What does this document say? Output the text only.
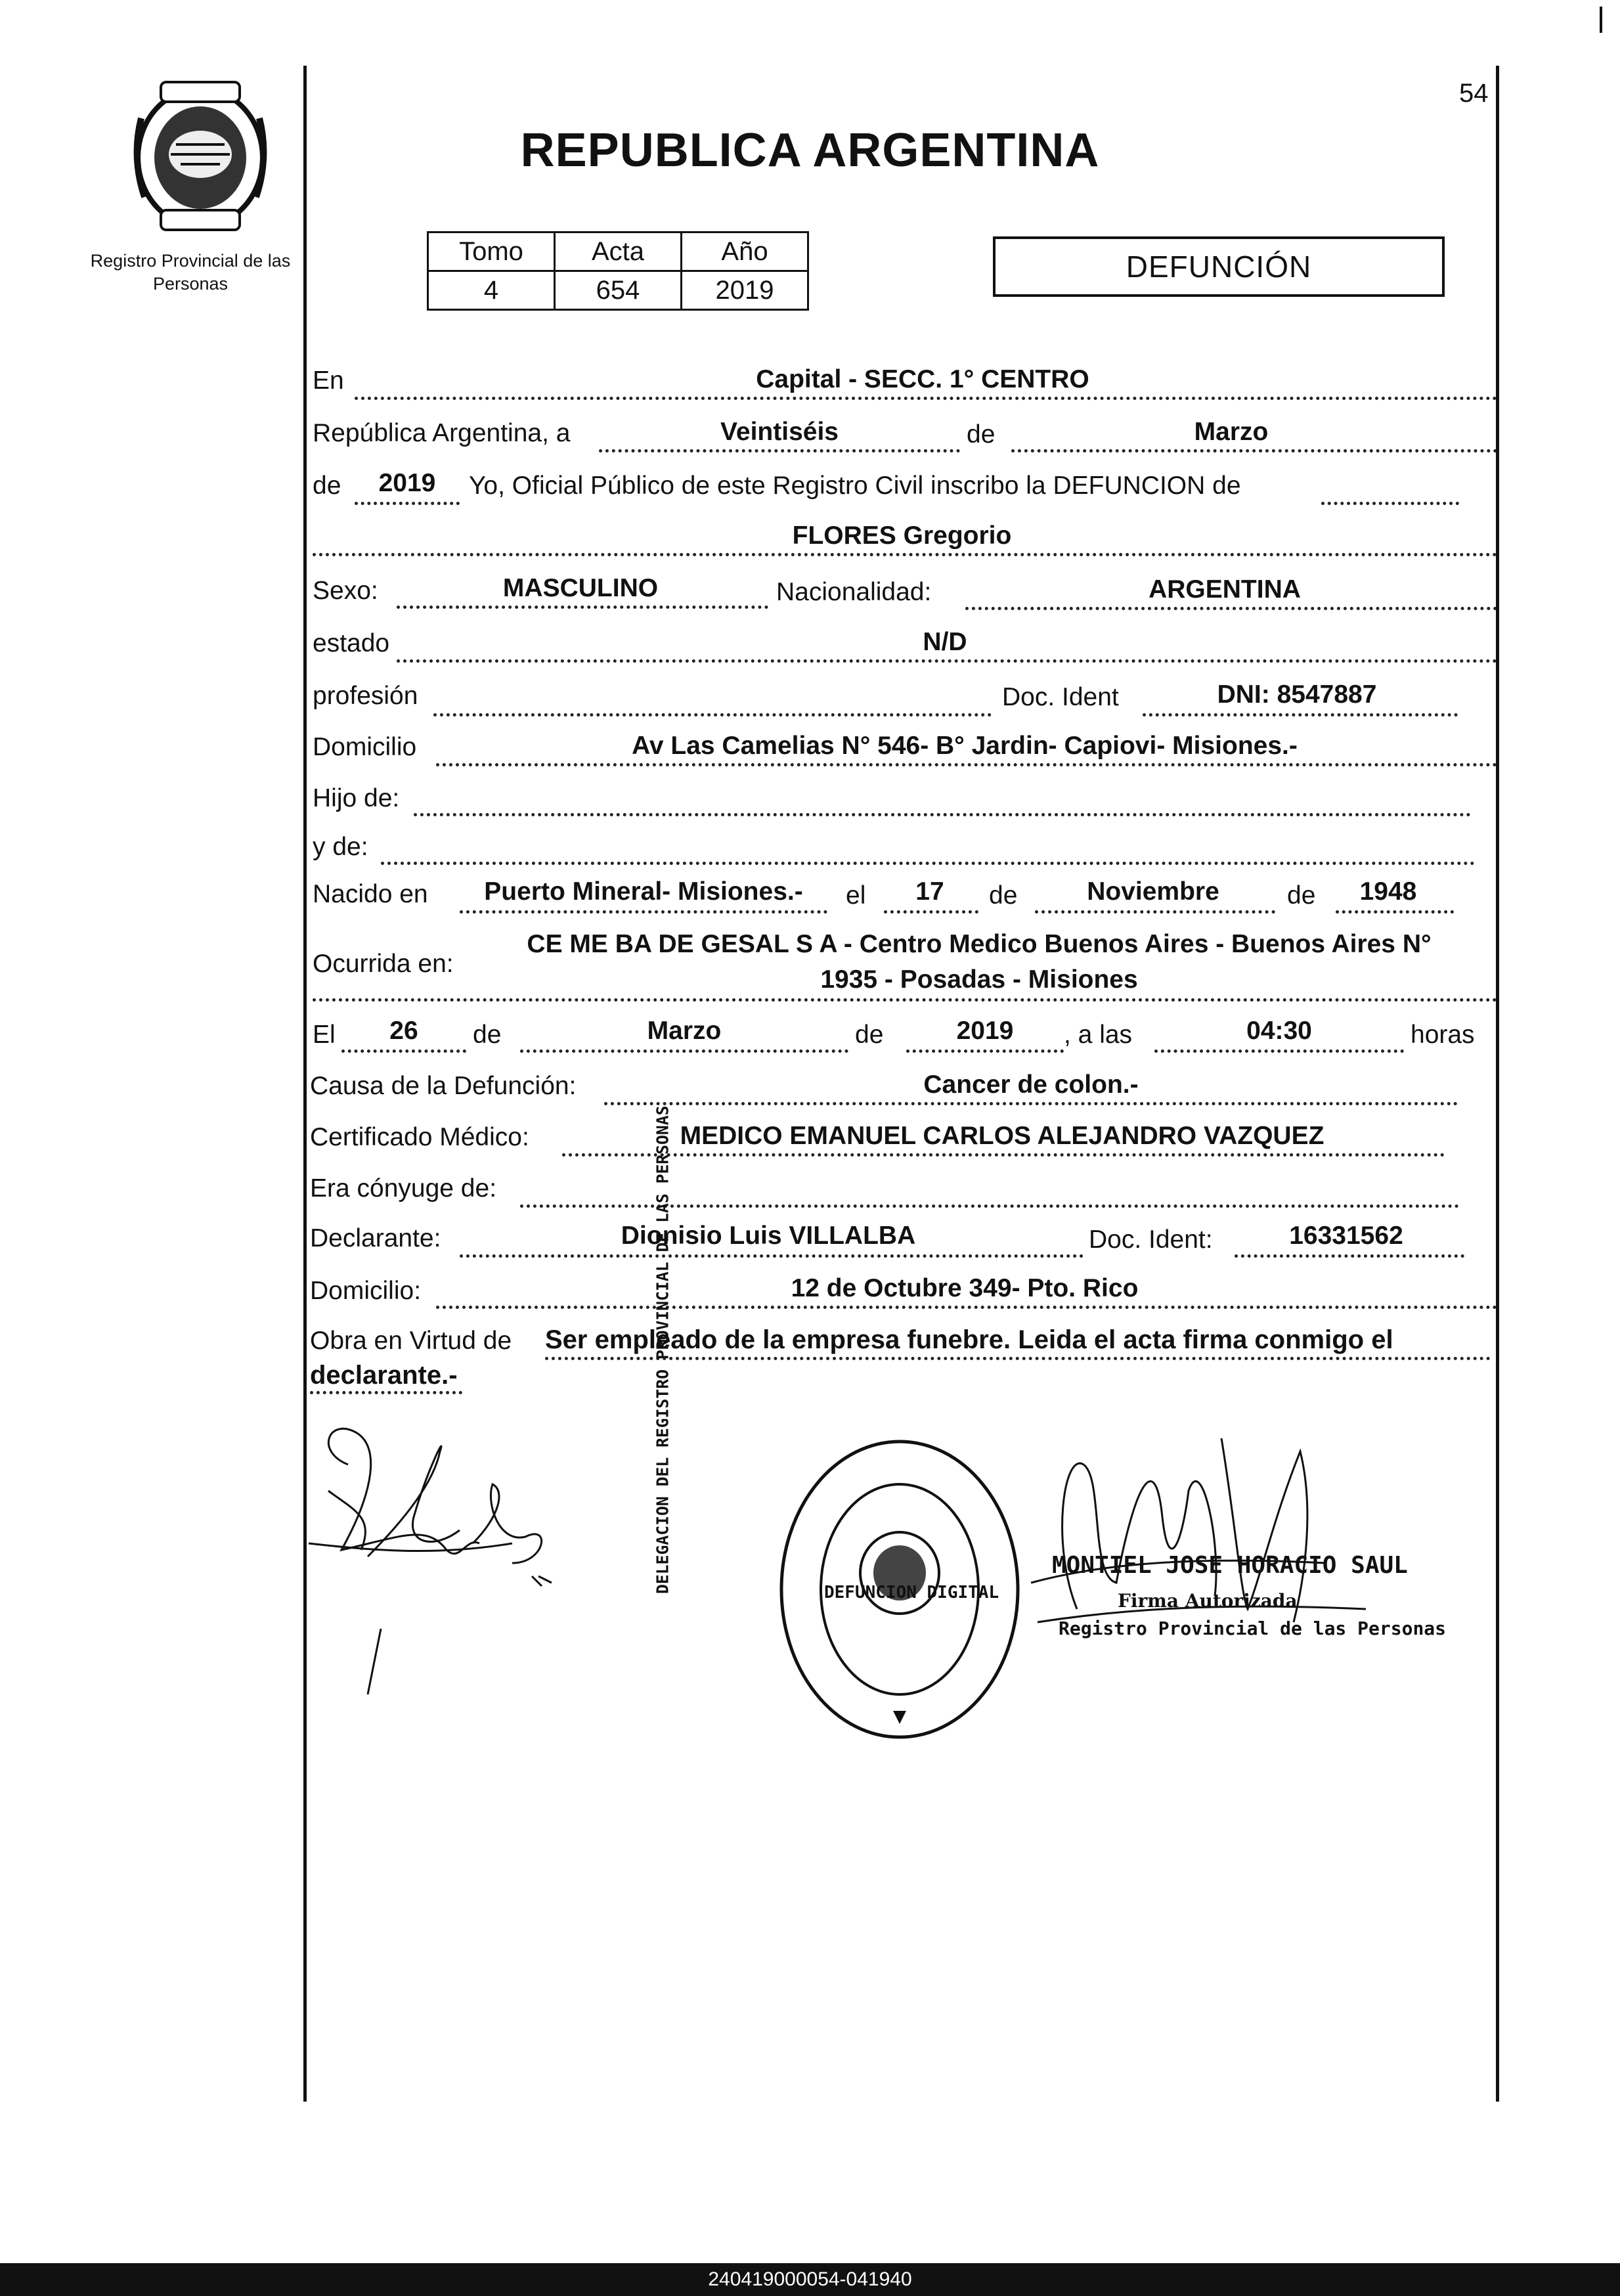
Registro Provincial de las Personas
54
REPUBLICA ARGENTINA
Tomo	Acta	Año
4	654	2019
DEFUNCIÓN
En	Capital - SECC. 1° CENTRO
República Argentina, a	Veintiséis	de	Marzo
de	2019	Yo, Oficial Público de este Registro Civil inscribo la DEFUNCION de
FLORES Gregorio
Sexo:	MASCULINO	Nacionalidad:	ARGENTINA
estado	N/D
profesión	Doc. Ident	DNI: 8547887
Domicilio	Av Las Camelias N° 546- B° Jardin- Capiovi- Misiones.-
Hijo de:
y de:
Nacido en	Puerto Mineral- Misiones.-	el	17	de	Noviembre	de	1948
Ocurrida en:
CE ME BA DE GESAL S A - Centro Medico Buenos Aires - Buenos Aires N°
1935 - Posadas - Misiones
El	26	de	Marzo	de	2019	, a las	04:30	horas
Causa de la Defunción:	Cancer de colon.-
Certificado Médico:	MEDICO EMANUEL CARLOS ALEJANDRO VAZQUEZ
Era cónyuge de:
Declarante:	Dionisio Luis VILLALBA	Doc. Ident:	16331562
Domicilio:	12 de Octubre 349- Pto. Rico
Obra en Virtud de Ser empleado de la empresa funebre. Leida el acta firma conmigo el
declarante.-	DELEGACION DEL REGISTRO PROVINCIAL DE LAS PERSONAS	DEFUNCION DIGITAL
MONTIEL JOSE HORACIO SAUL
Firma Autorizada
Registro Provincial de las Personas
240419000054-041940
